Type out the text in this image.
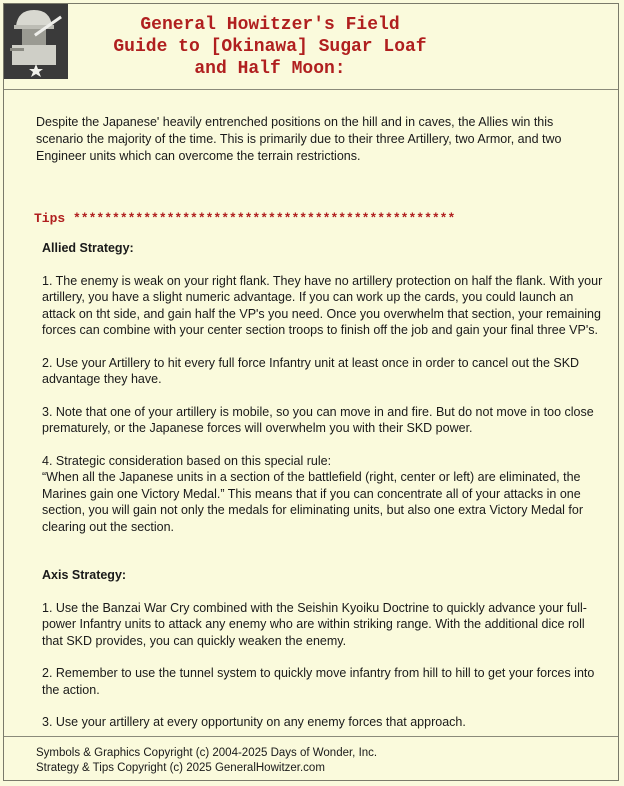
General Howitzer's Field
Guide to [Okinawa] Sugar Loaf
and Half Moon:

Despite the Japanese' heavily entrenched positions on the hill and in caves, the Allies win this scenario the majority of the time. This is primarily due to their three Artillery, two Armor, and two Engineer units which can overcome the terrain restrictions.

Tips *************************************************
Allied Strategy:

1. The enemy is weak on your right flank. They have no artillery protection on half the flank. With your artillery, you have a slight numeric advantage. If you can work up the cards, you could launch an attack on tht side, and gain half the VP's you need. Once you overwhelm that section, your remaining forces can combine with your center section troops to finish off the job and gain your final three VP's.

2. Use your Artillery to hit every full force Infantry unit at least once in order to cancel out the SKD advantage they have.

3. Note that one of your artillery is mobile, so you can move in and fire. But do not move in too close prematurely, or the Japanese forces will overwhelm you with their SKD power.

4. Strategic consideration based on this special rule:

“When all the Japanese units in a section of the battlefield (right, center or left) are eliminated, the Marines gain one Victory Medal.” This means that if you can concentrate all of your attacks in one section, you will gain not only the medals for eliminating units, but also one extra Victory Medal for clearing out the section.

Axis Strategy:

1. Use the Banzai War Cry combined with the Seishin Kyoiku Doctrine to quickly advance your full-power Infantry units to attack any enemy who are within striking range. With the additional dice roll that SKD provides, you can quickly weaken the enemy.

2. Remember to use the tunnel system to quickly move infantry from hill to hill to get your forces into the action.

3. Use your artillery at every opportunity on any enemy forces that approach.

Symbols & Graphics Copyright (c) 2004-2025 Days of Wonder, Inc.
Strategy & Tips Copyright (c) 2025 GeneralHowitzer.com
